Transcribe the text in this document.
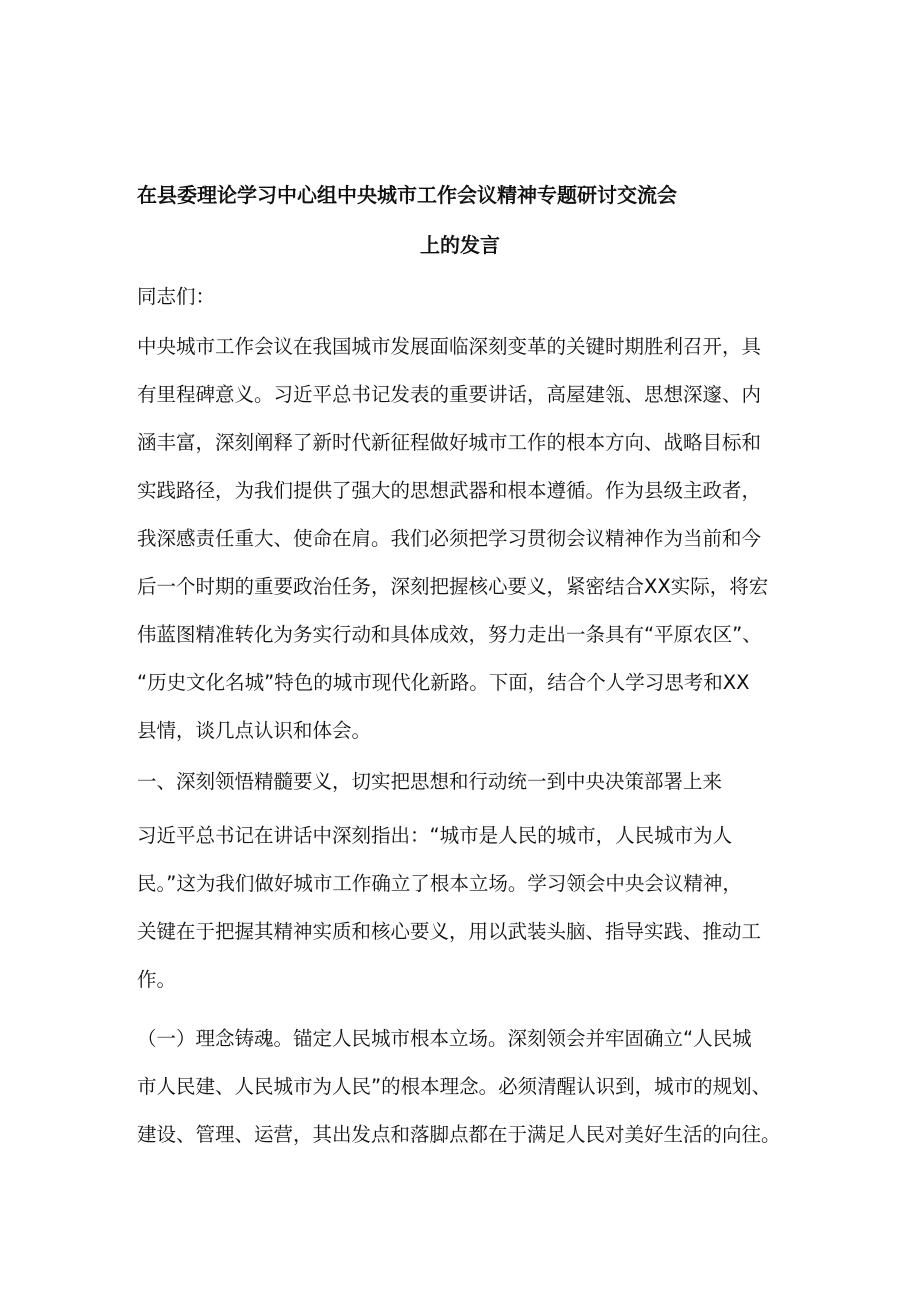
在县委理论学习中心组中央城市工作会议精神专题研讨交流会
上的发言
同志们：
中央城市工作会议在我国城市发展面临深刻变革的关键时期胜利召开，具
有里程碑意义。习近平总书记发表的重要讲话，高屋建瓴、思想深邃、内
涵丰富，深刻阐释了新时代新征程做好城市工作的根本方向、战略目标和
实践路径，为我们提供了强大的思想武器和根本遵循。作为县级主政者，
我深感责任重大、使命在肩。我们必须把学习贯彻会议精神作为当前和今
后一个时期的重要政治任务，深刻把握核心要义，紧密结合XX实际，将宏
伟蓝图精准转化为务实行动和具体成效，努力走出一条具有“平原农区”、
“历史文化名城”特色的城市现代化新路。下面，结合个人学习思考和XX
县情，谈几点认识和体会。
一、深刻领悟精髓要义，切实把思想和行动统一到中央决策部署上来
习近平总书记在讲话中深刻指出：“城市是人民的城市，人民城市为人
民。”这为我们做好城市工作确立了根本立场。学习领会中央会议精神，
关键在于把握其精神实质和核心要义，用以武装头脑、指导实践、推动工
作。
（一）理念铸魂。锚定人民城市根本立场。深刻领会并牢固确立“人民城
市人民建、人民城市为人民”的根本理念。必须清醒认识到，城市的规划、
建设、管理、运营，其出发点和落脚点都在于满足人民对美好生活的向往。
